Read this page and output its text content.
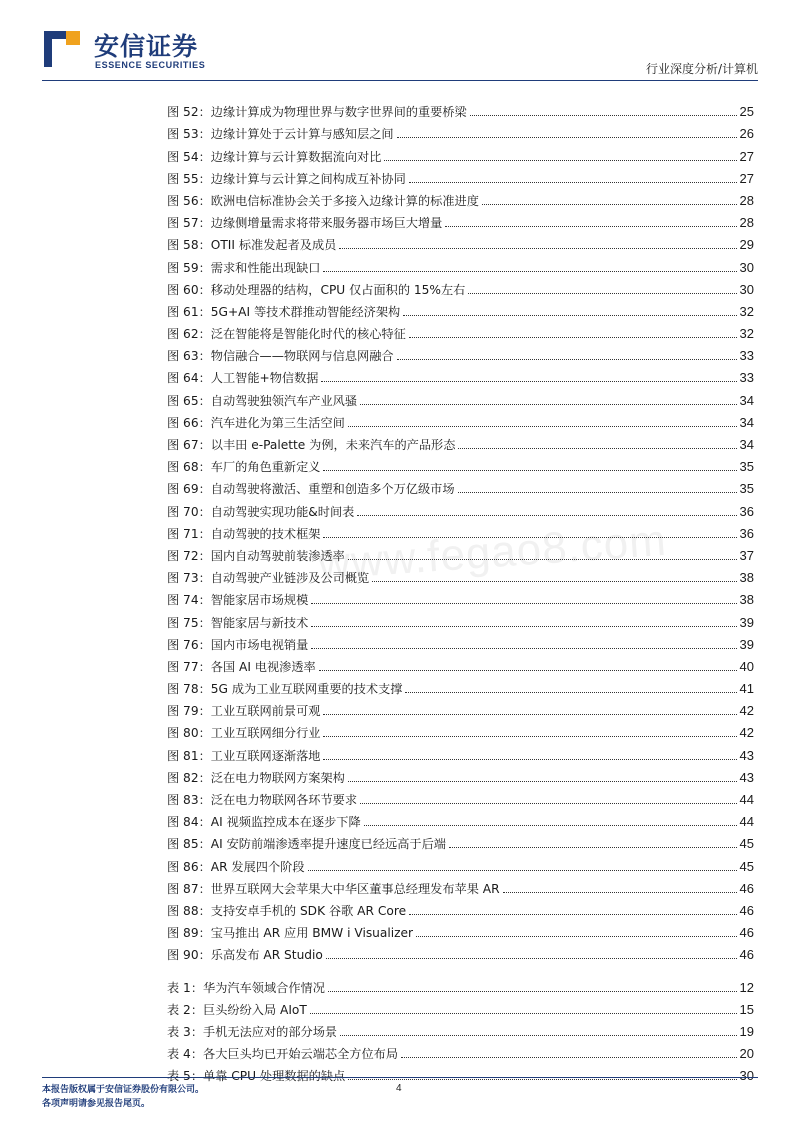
安信证券
ESSENCE SECURITIES	行业深度分析/计算机
www.fegao8.com
图 52：边缘计算成为物理世界与数字世界间的重要桥梁	25
图 53：边缘计算处于云计算与感知层之间	26
图 54：边缘计算与云计算数据流向对比	27
图 55：边缘计算与云计算之间构成互补协同	27
图 56：欧洲电信标准协会关于多接入边缘计算的标准进度	28
图 57：边缘侧增量需求将带来服务器市场巨大增量	28
图 58：OTII 标准发起者及成员	29
图 59：需求和性能出现缺口	30
图 60：移动处理器的结构，CPU 仅占面积的 15%左右	30
图 61：5G+AI 等技术群推动智能经济架构	32
图 62：泛在智能将是智能化时代的核心特征	32
图 63：物信融合——物联网与信息网融合	33
图 64：人工智能+物信数据	33
图 65：自动驾驶独领汽车产业风骚	34
图 66：汽车进化为第三生活空间	34
图 67：以丰田 e-Palette 为例，未来汽车的产品形态	34
图 68：车厂的角色重新定义	35
图 69：自动驾驶将激活、重塑和创造多个万亿级市场	35
图 70：自动驾驶实现功能&时间表	36
图 71：自动驾驶的技术框架	36
图 72：国内自动驾驶前装渗透率	37
图 73：自动驾驶产业链涉及公司概览	38
图 74：智能家居市场规模	38
图 75：智能家居与新技术	39
图 76：国内市场电视销量	39
图 77：各国 AI 电视渗透率	40
图 78：5G 成为工业互联网重要的技术支撑	41
图 79：工业互联网前景可观	42
图 80：工业互联网细分行业	42
图 81：工业互联网逐渐落地	43
图 82：泛在电力物联网方案架构	43
图 83：泛在电力物联网各环节要求	44
图 84：AI 视频监控成本在逐步下降	44
图 85：AI 安防前端渗透率提升速度已经远高于后端	45
图 86：AR 发展四个阶段	45
图 87：世界互联网大会苹果大中华区董事总经理发布苹果 AR	46
图 88：支持安卓手机的 SDK 谷歌 AR Core	46
图 89：宝马推出 AR 应用 BMW i Visualizer	46
图 90：乐高发布 AR Studio	46
表 1：华为汽车领域合作情况	12
表 2：巨头纷纷入局 AIoT	15
表 3：手机无法应对的部分场景	19
表 4：各大巨头均已开始云端芯全方位布局	20
表 5：单靠 CPU 处理数据的缺点	30
本报告版权属于安信证券股份有限公司。
各项声明请参见报告尾页。
4
